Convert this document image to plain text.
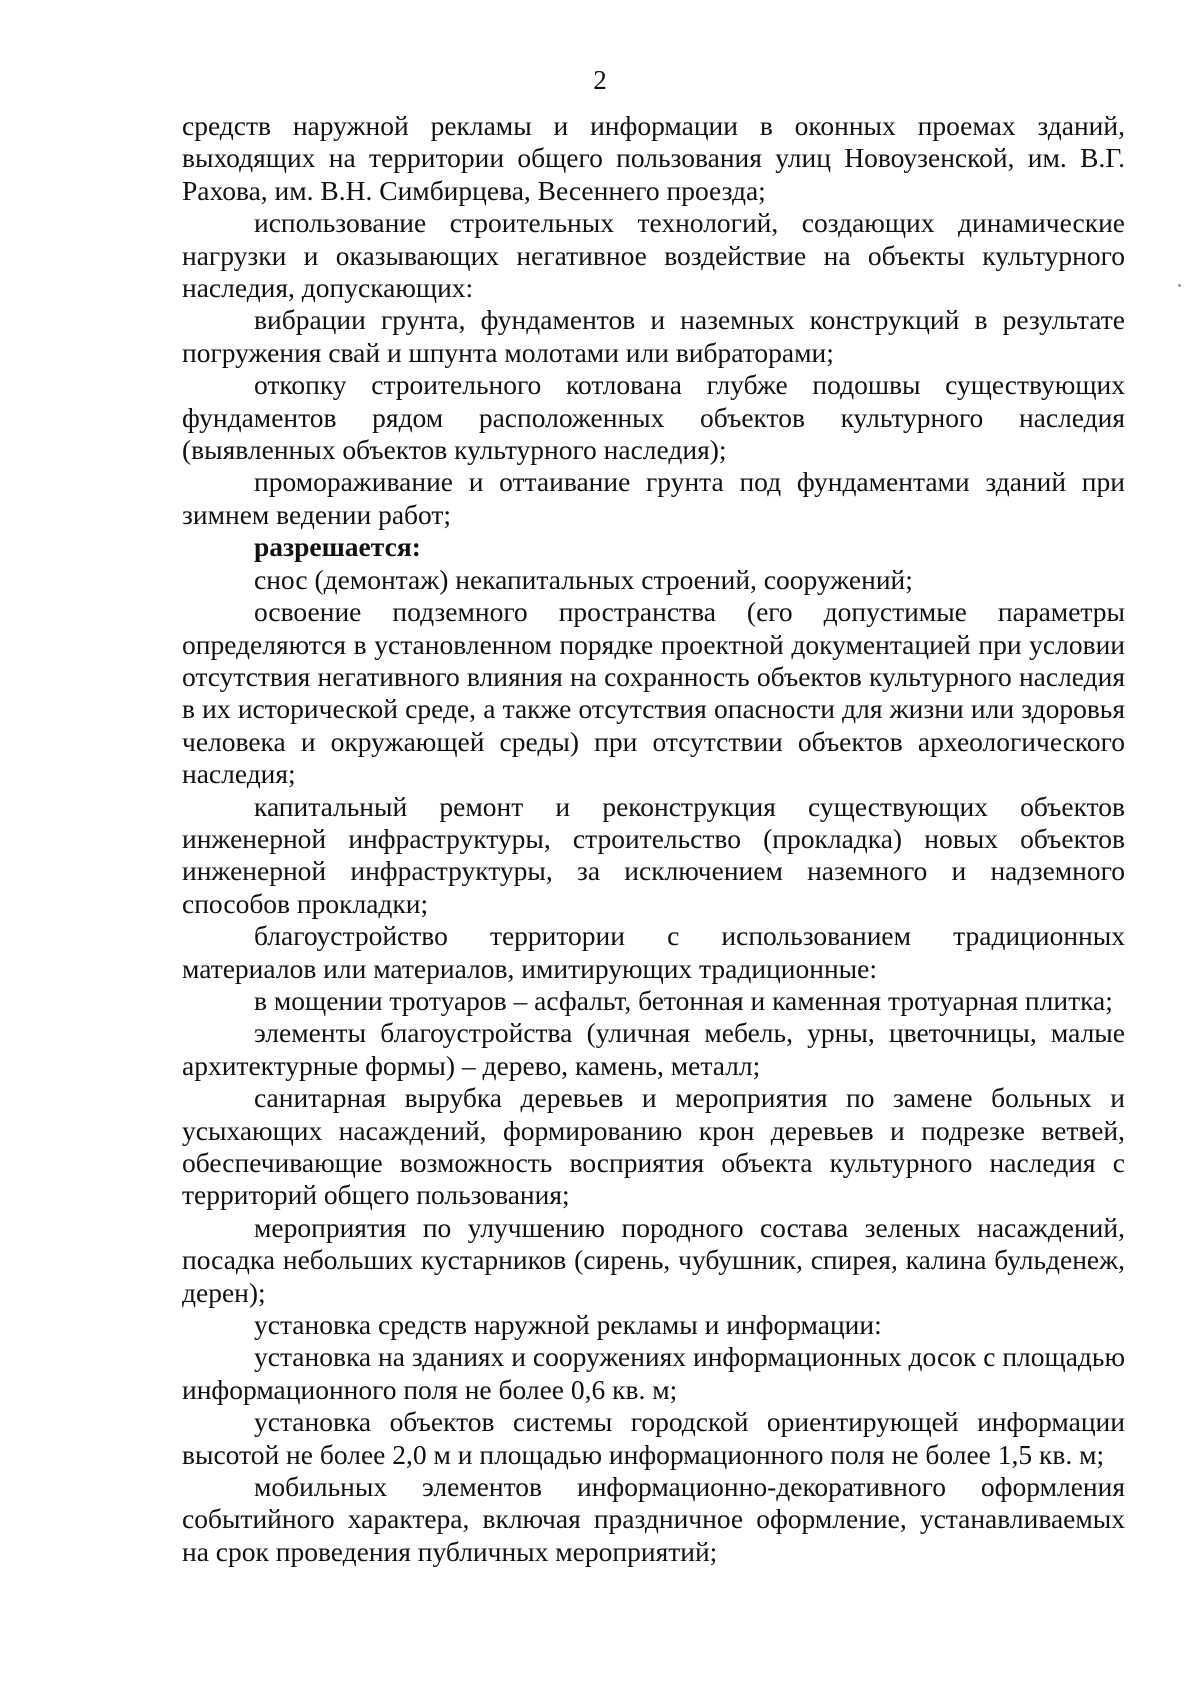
2

средств наружной рекламы и информации в оконных проемах зданий, выходящих на территории общего пользования улиц Новоузенской, им. В.Г. Рахова, им. В.Н. Симбирцева, Весеннего проезда;

использование строительных технологий, создающих динамические нагрузки и оказывающих негативное воздействие на объекты культурного наследия, допускающих:

вибрации грунта, фундаментов и наземных конструкций в результате погружения свай и шпунта молотами или вибраторами;

откопку строительного котлована глубже подошвы существующих фундаментов рядом расположенных объектов культурного наследия (выявленных объектов культурного наследия);

промораживание и оттаивание грунта под фундаментами зданий при зимнем ведении работ;

разрешается:

снос (демонтаж) некапитальных строений, сооружений;

освоение подземного пространства (его допустимые параметры определяются в установленном порядке проектной документацией при условии отсутствия негативного влияния на сохранность объектов культурного наследия в их исторической среде, а также отсутствия опасности для жизни или здоровья человека и окружающей среды) при отсутствии объектов археологического наследия;

капитальный ремонт и реконструкция существующих объектов инженерной инфраструктуры, строительство (прокладка) новых объектов инженерной инфраструктуры, за исключением наземного и надземного способов прокладки;

благоустройство территории с использованием традиционных материалов или материалов, имитирующих традиционные:

в мощении тротуаров – асфальт, бетонная и каменная тротуарная плитка;

элементы благоустройства (уличная мебель, урны, цветочницы, малые архитектурные формы) – дерево, камень, металл;

санитарная вырубка деревьев и мероприятия по замене больных и усыхающих насаждений, формированию крон деревьев и подрезке ветвей, обеспечивающие возможность восприятия объекта культурного наследия с территорий общего пользования;

мероприятия по улучшению породного состава зеленых насаждений, посадка небольших кустарников (сирень, чубушник, спирея, калина бульденеж, дерен);

установка средств наружной рекламы и информации:

установка на зданиях и сооружениях информационных досок с площадью информационного поля не более 0,6 кв. м;

установка объектов системы городской ориентирующей информации высотой не более 2,0 м и площадью информационного поля не более 1,5 кв. м;

мобильных элементов информационно-декоративного оформления событийного характера, включая праздничное оформление, устанавливаемых на срок проведения публичных мероприятий;
